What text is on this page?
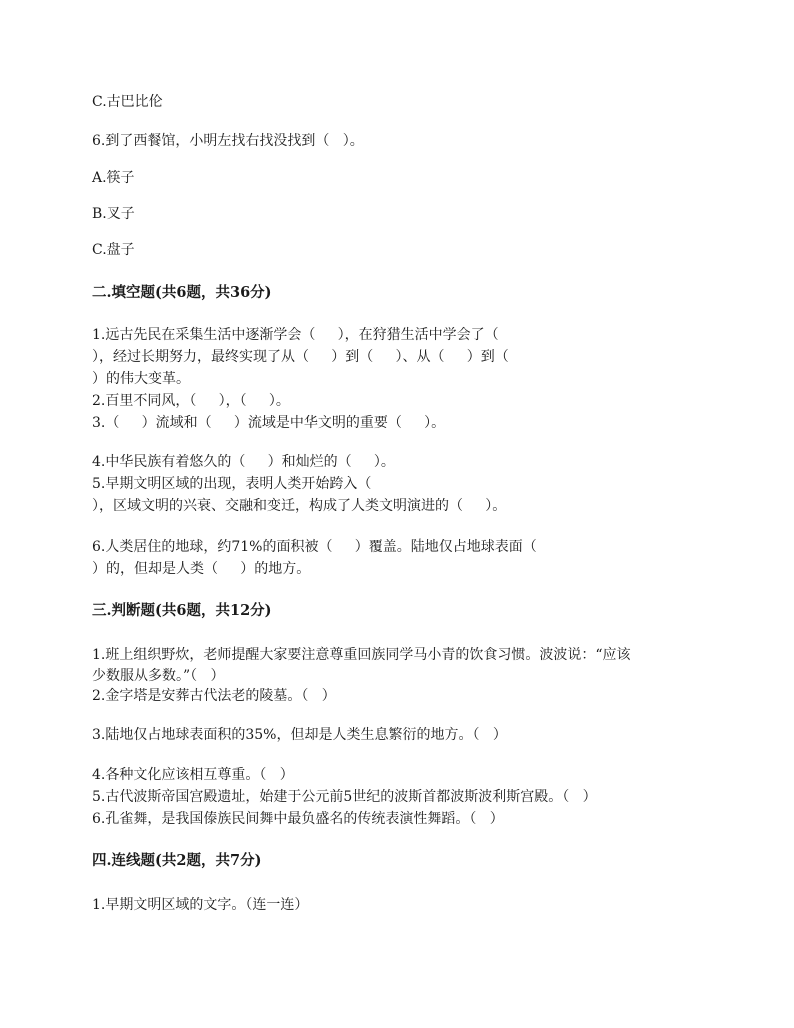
C.古巴比伦
6.到了西餐馆，小明左找右找没找到（   ）。
A.筷子
B.叉子
C.盘子
二.填空题(共6题，共36分)
1.远古先民在采集生活中逐渐学会（     ），在狩猎生活中学会了（
），经过长期努力，最终实现了从（     ）到（     ）、从（     ）到（
）的伟大变革。
2.百里不同风，（     ），（     ）。
3.（     ）流域和（     ）流域是中华文明的重要（     ）。
4.中华民族有着悠久的（     ）和灿烂的（     ）。
5.早期文明区域的出现，表明人类开始跨入（
），区域文明的兴衰、交融和变迁，构成了人类文明演进的（     ）。
6.人类居住的地球，约71%的面积被（     ）覆盖。陆地仅占地球表面（
）的，但却是人类（     ）的地方。
三.判断题(共6题，共12分)
1.班上组织野炊，老师提醒大家要注意尊重回族同学马小青的饮食习惯。波波说：“应该
少数服从多数。”（   ）
2.金字塔是安葬古代法老的陵墓。（   ）
3.陆地仅占地球表面积的35%，但却是人类生息繁衍的地方。（   ）
4.各种文化应该相互尊重。（   ）
5.古代波斯帝国宫殿遗址，始建于公元前5世纪的波斯首都波斯波利斯宫殿。（   ）
6.孔雀舞，是我国傣族民间舞中最负盛名的传统表演性舞蹈。（   ）
四.连线题(共2题，共7分)
1.早期文明区域的文字。（连一连）
